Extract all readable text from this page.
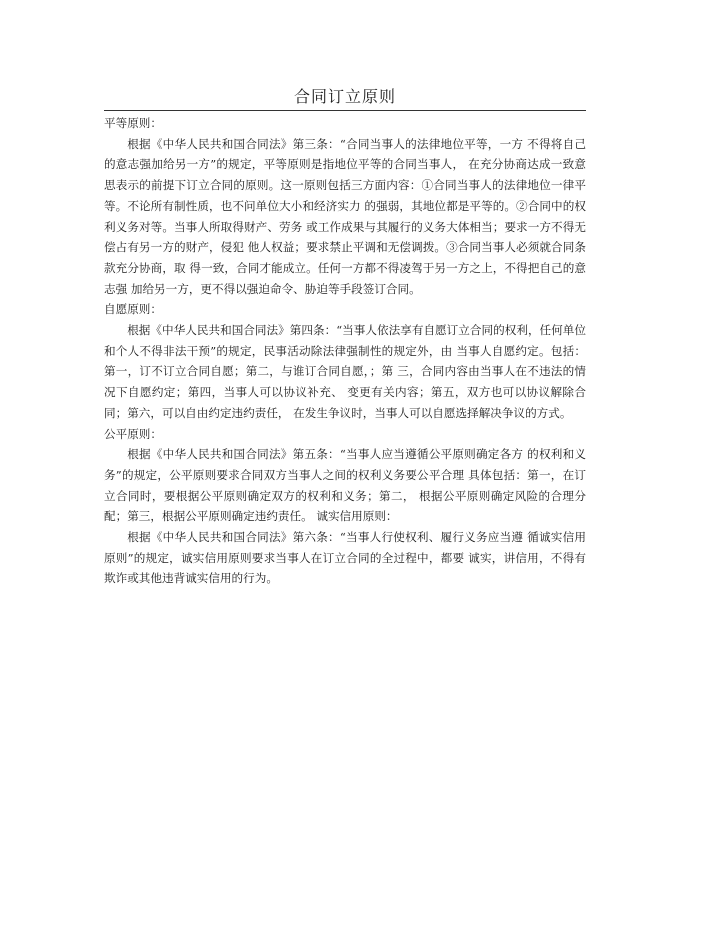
合同订立原则

平等原则：

根据《中华人民共和国合同法》第三条：“合同当事人的法律地位平等，一方 不得将自己的意志强加给另一方”的规定，平等原则是指地位平等的合同当事人， 在充分协商达成一致意思表示的前提下订立合同的原则。这一原则包括三方面内容：①合同当事人的法律地位一律平等。不论所有制性质，也不问单位大小和经济实力 的强弱，其地位都是平等的。②合同中的权利义务对等。当事人所取得财产、劳务 或工作成果与其履行的义务大体相当；要求一方不得无偿占有另一方的财产，侵犯 他人权益；要求禁止平调和无偿调拨。③合同当事人必须就合同条款充分协商，取 得一致，合同才能成立。任何一方都不得凌驾于另一方之上，不得把自己的意志强 加给另一方，更不得以强迫命令、胁迫等手段签订合同。

自愿原则：

根据《中华人民共和国合同法》第四条：“当事人依法享有自愿订立合同的权利，任何单位和个人不得非法干预”的规定，民事活动除法律强制性的规定外，由 当事人自愿约定。包括：第一，订不订立合同自愿；第二，与谁订合同自愿，；第 三，合同内容由当事人在不违法的情况下自愿约定；第四，当事人可以协议补充、 变更有关内容；第五，双方也可以协议解除合同；第六，可以自由约定违约责任， 在发生争议时，当事人可以自愿选择解决争议的方式。

公平原则：

根据《中华人民共和国合同法》第五条：“当事人应当遵循公平原则确定各方 的权利和义务”的规定，公平原则要求合同双方当事人之间的权利义务要公平合理 具体包括：第一，在订立合同时，要根据公平原则确定双方的权利和义务；第二， 根据公平原则确定风险的合理分配；第三，根据公平原则确定违约责任。 诚实信用原则：

根据《中华人民共和国合同法》第六条：“当事人行使权利、履行义务应当遵 循诚实信用原则”的规定，诚实信用原则要求当事人在订立合同的全过程中，都要 诚实，讲信用，不得有欺诈或其他违背诚实信用的行为。
